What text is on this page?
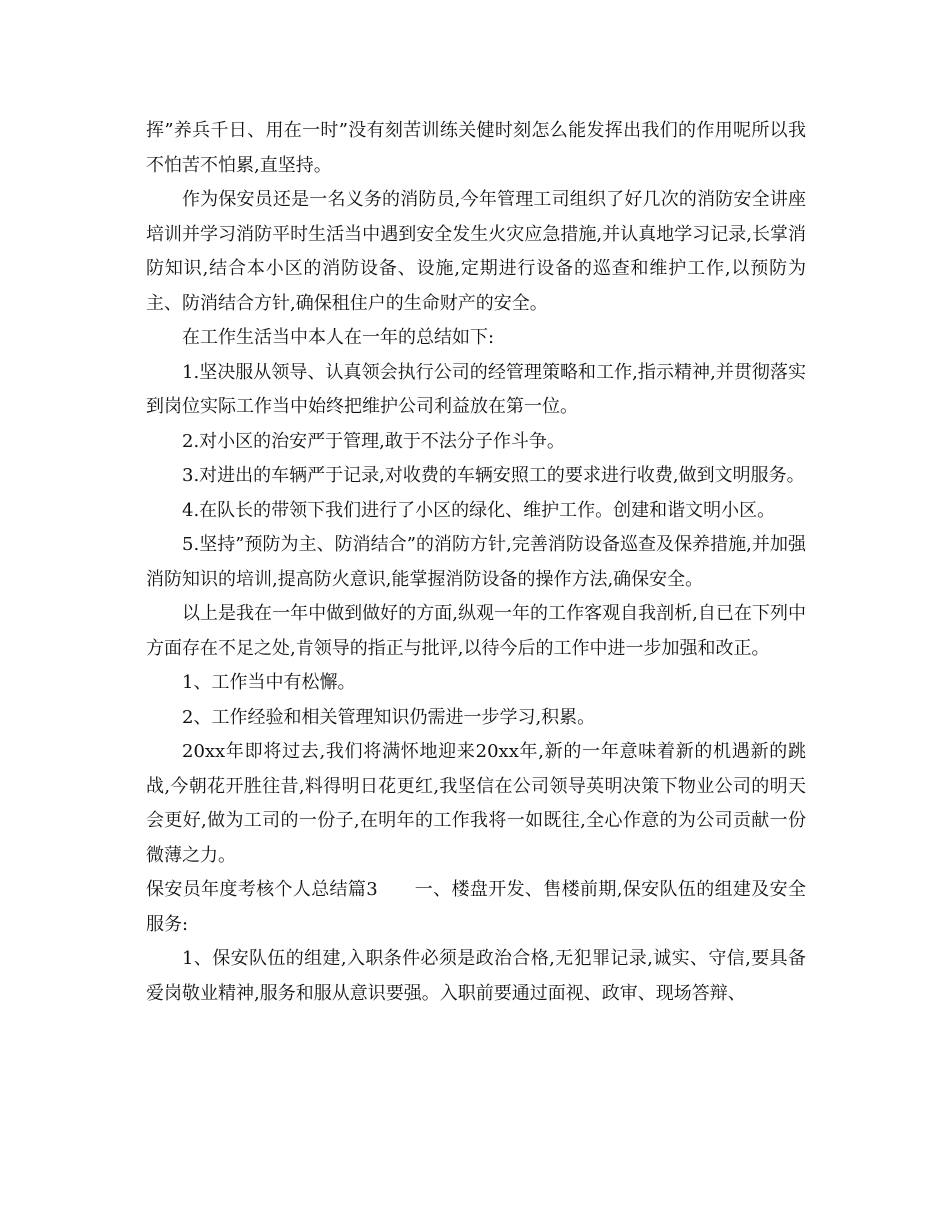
挥”养兵千日、用在一时”没有刻苦训练关健时刻怎么能发挥出我们的作用呢所以我不怕苦不怕累,直坚持。

作为保安员还是一名义务的消防员,今年管理工司组织了好几次的消防安全讲座培训并学习消防平时生活当中遇到安全发生火灾应急措施,并认真地学习记录,长掌消防知识,结合本小区的消防设备、设施,定期进行设备的巡查和维护工作,以预防为主、防消结合方针,确保租住户的生命财产的安全。

在工作生活当中本人在一年的总结如下:

1.坚决服从领导、认真领会执行公司的经管理策略和工作,指示精神,并贯彻落实到岗位实际工作当中始终把维护公司利益放在第一位。

2.对小区的治安严于管理,敢于不法分子作斗争。

3.对进出的车辆严于记录,对收费的车辆安照工的要求进行收费,做到文明服务。

4.在队长的带领下我们进行了小区的绿化、维护工作。创建和谐文明小区。

5.坚持”预防为主、防消结合”的消防方针,完善消防设备巡查及保养措施,并加强消防知识的培训,提高防火意识,能掌握消防设备的操作方法,确保安全。

以上是我在一年中做到做好的方面,纵观一年的工作客观自我剖析,自已在下列中方面存在不足之处,肯领导的指正与批评,以待今后的工作中进一步加强和改正。

1、工作当中有松懈。

2、工作经验和相关管理知识仍需进一步学习,积累。

20xx年即将过去,我们将满怀地迎来20xx年,新的一年意味着新的机遇新的跳战,今朝花开胜往昔,料得明日花更红,我坚信在公司领导英明决策下物业公司的明天会更好,做为工司的一份子,在明年的工作我将一如既往,全心作意的为公司贡献一份微薄之力。

保安员年度考核个人总结篇3　　一、楼盘开发、售楼前期,保安队伍的组建及安全服务:

1、保安队伍的组建,入职条件必须是政治合格,无犯罪记录,诚实、守信,要具备爱岗敬业精神,服务和服从意识要强。入职前要通过面视、政审、现场答辩、
